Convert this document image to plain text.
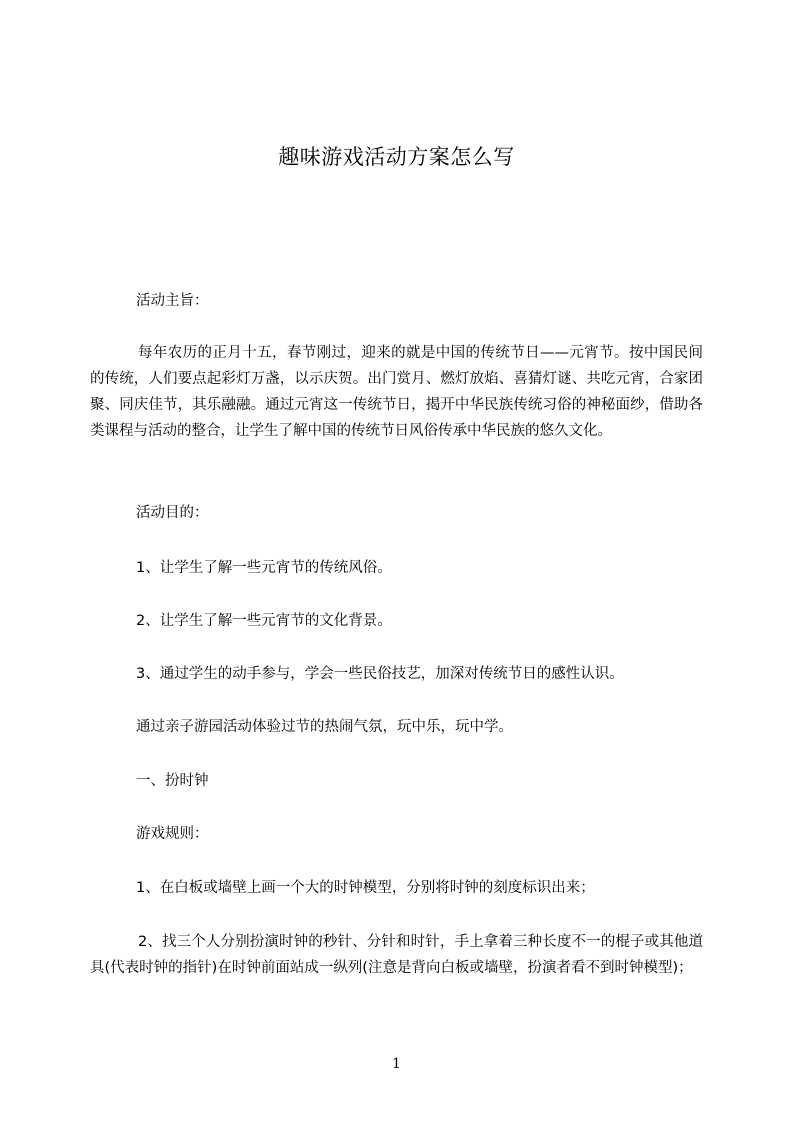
趣味游戏活动方案怎么写

活动主旨：

每年农历的正月十五，春节刚过，迎来的就是中国的传统节日——元宵节。按中国民间的传统，人们要点起彩灯万盏，以示庆贺。出门赏月、燃灯放焰、喜猜灯谜、共吃元宵，合家团聚、同庆佳节，其乐融融。通过元宵这一传统节日，揭开中华民族传统习俗的神秘面纱，借助各类课程与活动的整合，让学生了解中国的传统节日风俗传承中华民族的悠久文化。

活动目的：

1、让学生了解一些元宵节的传统风俗。

2、让学生了解一些元宵节的文化背景。

3、通过学生的动手参与，学会一些民俗技艺，加深对传统节日的感性认识。

通过亲子游园活动体验过节的热闹气氛，玩中乐，玩中学。

一、扮时钟

游戏规则：

1、在白板或墙壁上画一个大的时钟模型，分别将时钟的刻度标识出来；

2、找三个人分别扮演时钟的秒针、分针和时针，手上拿着三种长度不一的棍子或其他道具(代表时钟的指针)在时钟前面站成一纵列(注意是背向白板或墙壁，扮演者看不到时钟模型)；

1
